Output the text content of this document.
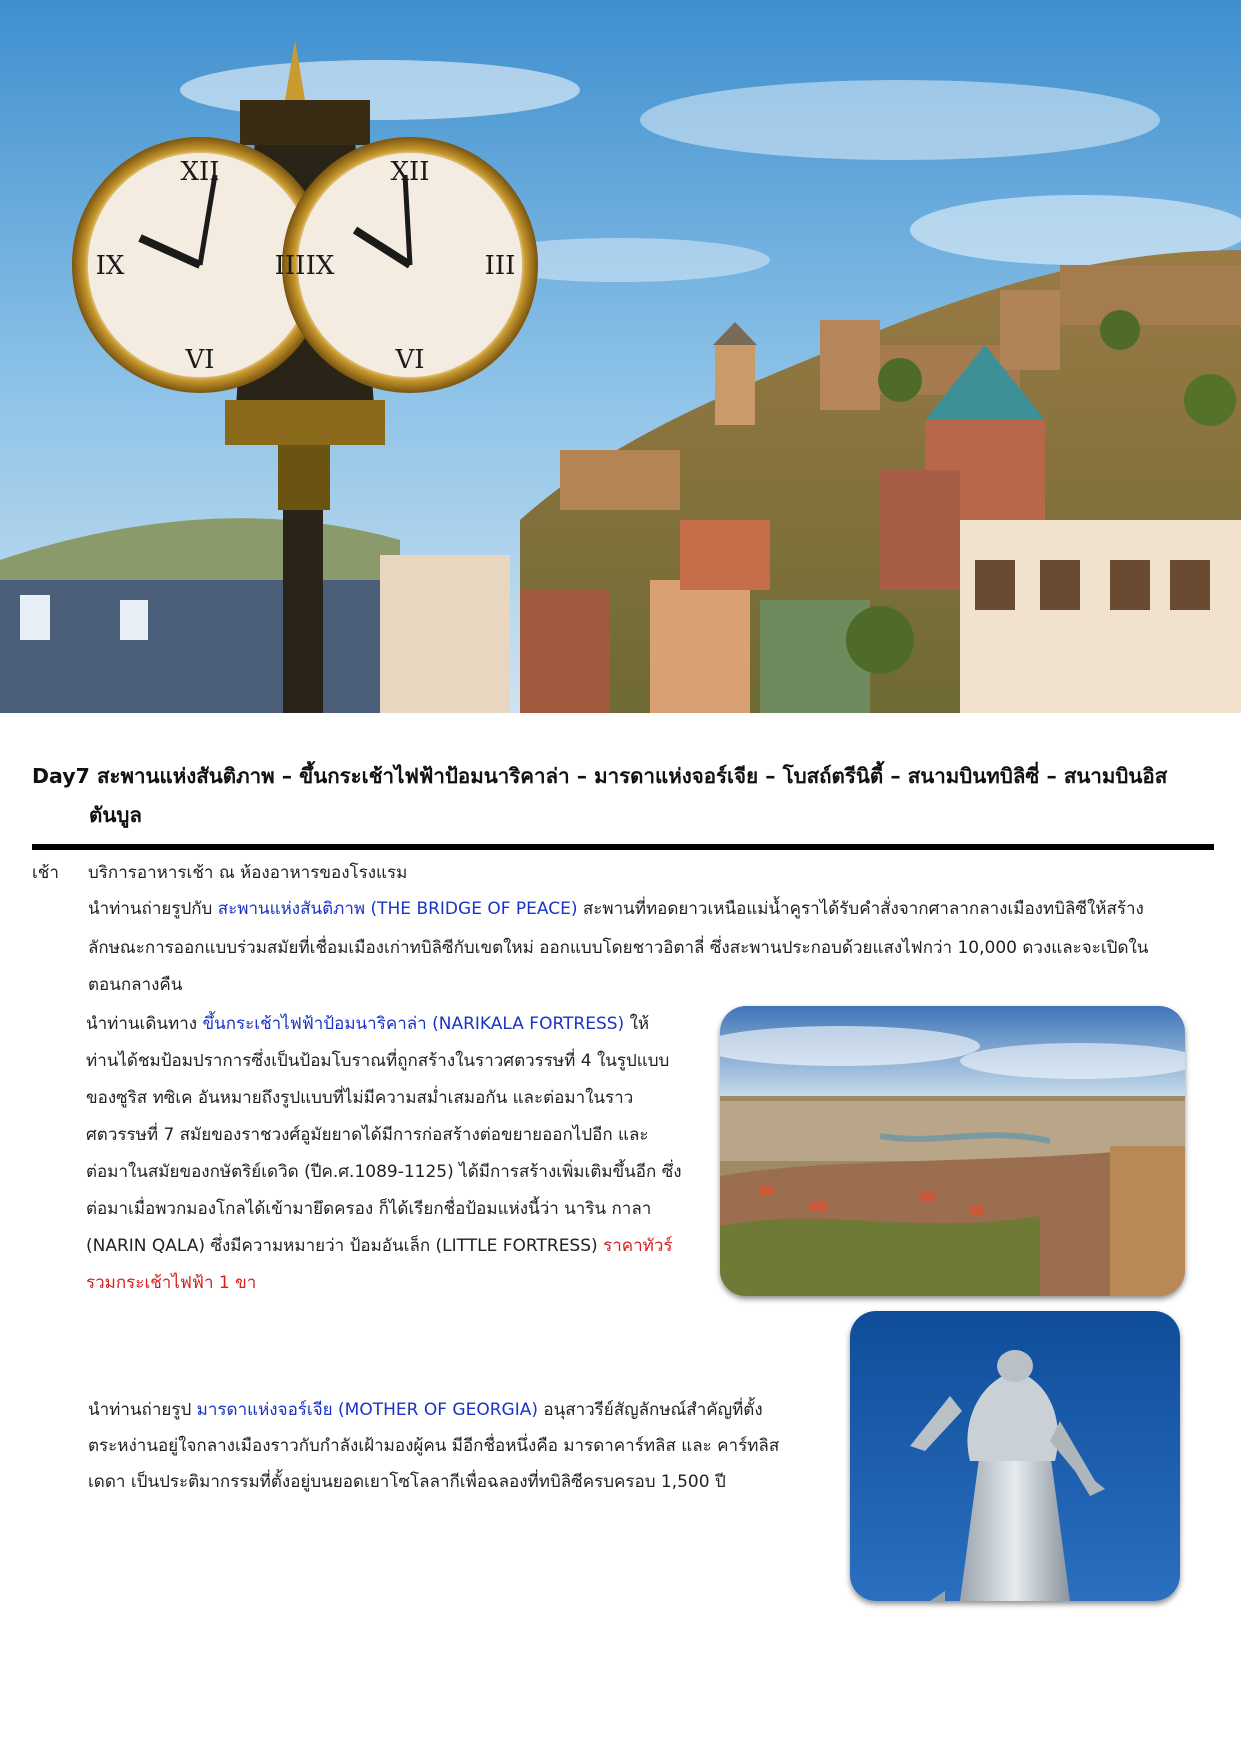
XII
VI
IX	III
XII
VI
IX	III
Day7 สะพานแห่งสันติภาพ – ขึ้นกระเช้าไฟฟ้าป้อมนาริคาล่า – มารดาแห่งจอร์เจีย – โบสถ์ตรีนิตี้ – สนามบินทบิลิซี่ – สนามบินอิส
ตันบูล
เช้า บริการอาหารเช้า ณ ห้องอาหารของโรงแรม
นำท่านถ่ายรูปกับ สะพานแห่งสันติภาพ (THE BRIDGE OF PEACE) สะพานที่ทอดยาวเหนือแม่น้ำคูราได้รับคำสั่งจากศาลากลางเมืองทบิลิซีให้สร้าง
ลักษณะการออกแบบร่วมสมัยที่เชื่อมเมืองเก่าทบิลิซีกับเขตใหม่ ออกแบบโดยชาวอิตาลี่ ซึ่งสะพานประกอบด้วยแสงไฟกว่า 10,000 ดวงและจะเปิดใน
ตอนกลางคืน
นำท่านเดินทาง ขึ้นกระเช้าไฟฟ้าป้อมนาริคาล่า (NARIKALA FORTRESS) ให้
ท่านได้ชมป้อมปราการซึ่งเป็นป้อมโบราณที่ถูกสร้างในราวศตวรรษที่ 4 ในรูปแบบ
ของซูริส ทซิเค อันหมายถึงรูปแบบที่ไม่มีความสม่ำเสมอกัน และต่อมาในราว
ศตวรรษที่ 7 สมัยของราชวงศ์อูมัยยาดได้มีการก่อสร้างต่อขยายออกไปอีก และ
ต่อมาในสมัยของกษัตริย์เดวิด (ปีค.ศ.1089-1125) ได้มีการสร้างเพิ่มเติมขึ้นอีก ซึ่ง
ต่อมาเมื่อพวกมองโกลได้เข้ามายึดครอง ก็ได้เรียกชื่อป้อมแห่งนี้ว่า นาริน กาลา
(NARIN QALA) ซึ่งมีความหมายว่า ป้อมอันเล็ก (LITTLE FORTRESS) ราคาทัวร์
รวมกระเช้าไฟฟ้า 1 ขา
นำท่านถ่ายรูป มารดาแห่งจอร์เจีย (MOTHER OF GEORGIA) อนุสาวรีย์สัญลักษณ์สำคัญที่ตั้ง
ตระหง่านอยู่ใจกลางเมืองราวกับกำลังเฝ้ามองผู้คน มีอีกชื่อหนึ่งคือ มารดาคาร์ทลิส และ คาร์ทลิส
เดดา เป็นประติมากรรมที่ตั้งอยู่บนยอดเยาโซโลลากีเพื่อฉลองที่ทบิลิซีครบครอบ 1,500 ปี
